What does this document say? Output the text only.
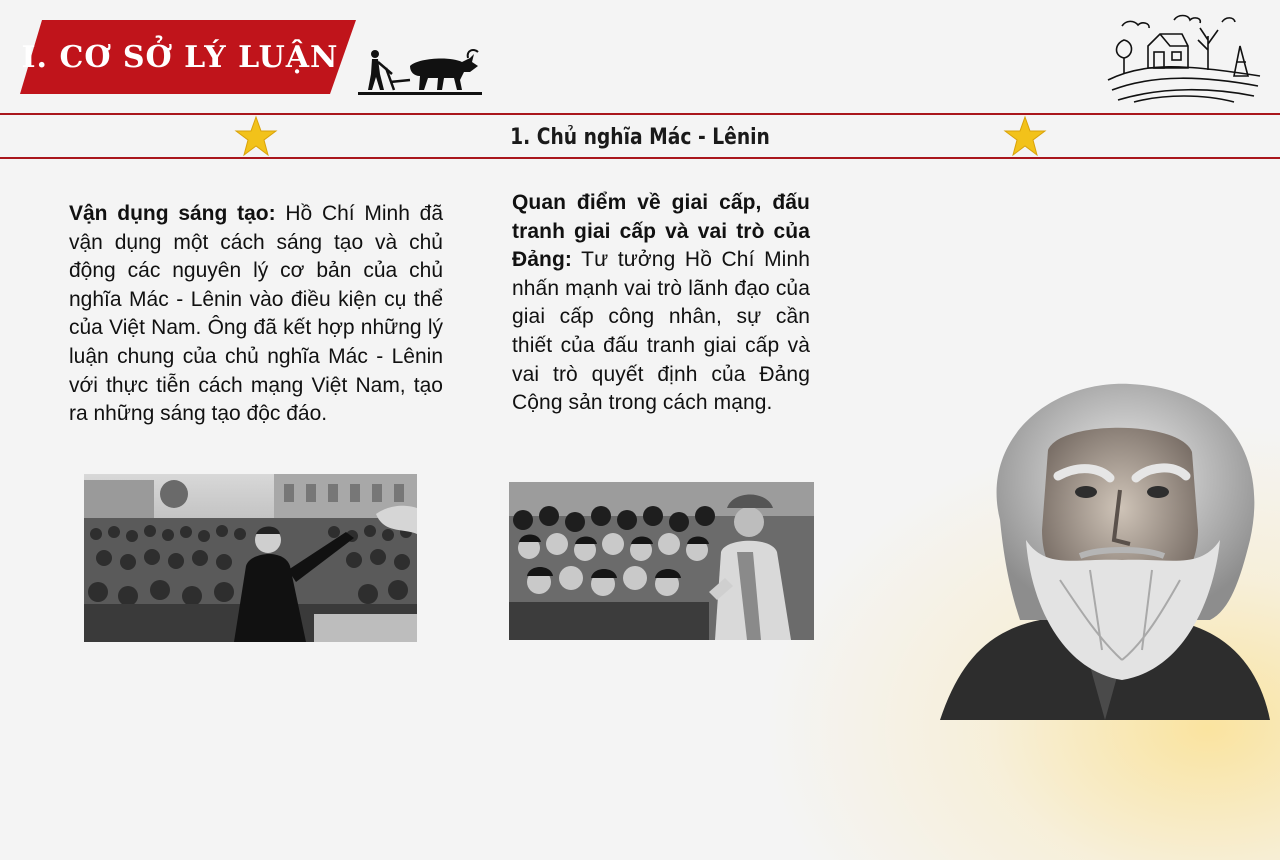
I. CƠ SỞ LÝ LUẬN
1. Chủ nghĩa Mác - Lênin

Vận dụng sáng tạo: Hồ Chí Minh đã vận dụng một cách sáng tạo và chủ động các nguyên lý cơ bản của chủ nghĩa Mác - Lênin vào điều kiện cụ thể của Việt Nam. Ông đã kết hợp những lý luận chung của chủ nghĩa Mác - Lênin với thực tiễn cách mạng Việt Nam, tạo ra những sáng tạo độc đáo.

Quan điểm về giai cấp, đấu tranh giai cấp và vai trò của Đảng: Tư tưởng Hồ Chí Minh nhấn mạnh vai trò lãnh đạo của giai cấp công nhân, sự cần thiết của đấu tranh giai cấp và vai trò quyết định của Đảng Cộng sản trong cách mạng.
